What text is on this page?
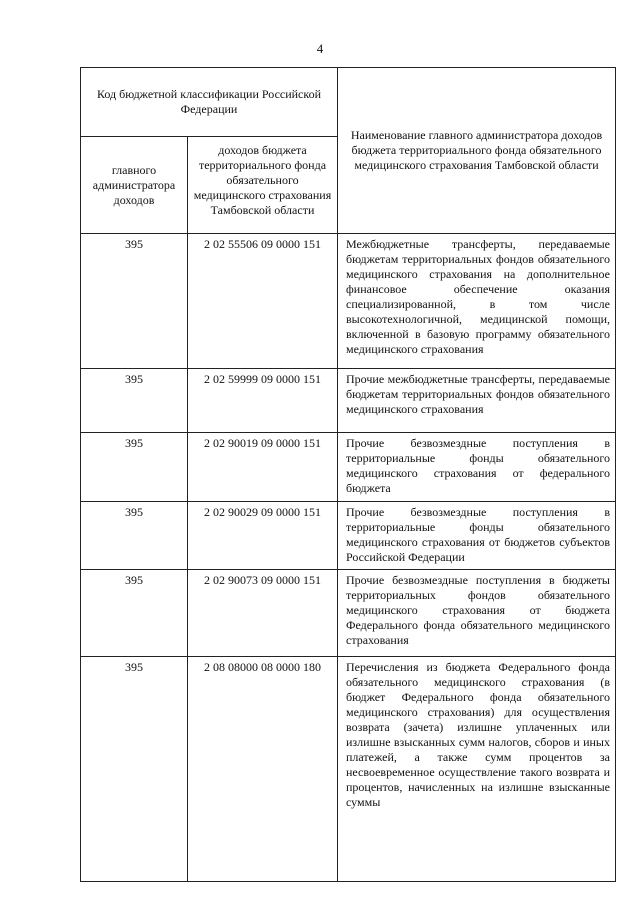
4
Код бюджетной классификации Российской Федерации		Наименование главного администратора доходов бюджета территориального фонда обязательного медицинского страхования Тамбовской области
главного администратора доходов	доходов бюджета территориального фонда обязательного медицинского страхования Тамбовской области	
395	2 02 55506 09 0000 151	Межбюджетные трансферты, передаваемые бюджетам территориальных фондов обязательного медицинского страхования на дополнительное финансовое обеспечение оказания специализированной, в том числе высокотехнологичной, медицинской помощи, включенной в базовую программу обязательного медицинского страхования

395	2 02 59999 09 0000 151	Прочие межбюджетные трансферты, передаваемые бюджетам территориальных фондов обязательного медицинского страхования

395	2 02 90019 09 0000 151	Прочие безвозмездные поступления в территориальные фонды обязательного медицинского страхования от федерального бюджета

395	2 02 90029 09 0000 151	Прочие безвозмездные поступления в территориальные фонды обязательного медицинского страхования от бюджетов субъектов Российской Федерации

395	2 02 90073 09 0000 151	Прочие безвозмездные поступления в бюджеты территориальных фондов обязательного медицинского страхования от бюджета Федерального фонда обязательного медицинского страхования

395	2 08 08000 08 0000 180	Перечисления из бюджета Федерального фонда обязательного медицинского страхования (в бюджет Федерального фонда обязательного медицинского страхования) для осуществления возврата (зачета) излишне уплаченных или излишне взысканных сумм налогов, сборов и иных платежей, а также сумм процентов за несвоевременное осуществление такого возврата и процентов, начисленных на излишне взысканные суммы
